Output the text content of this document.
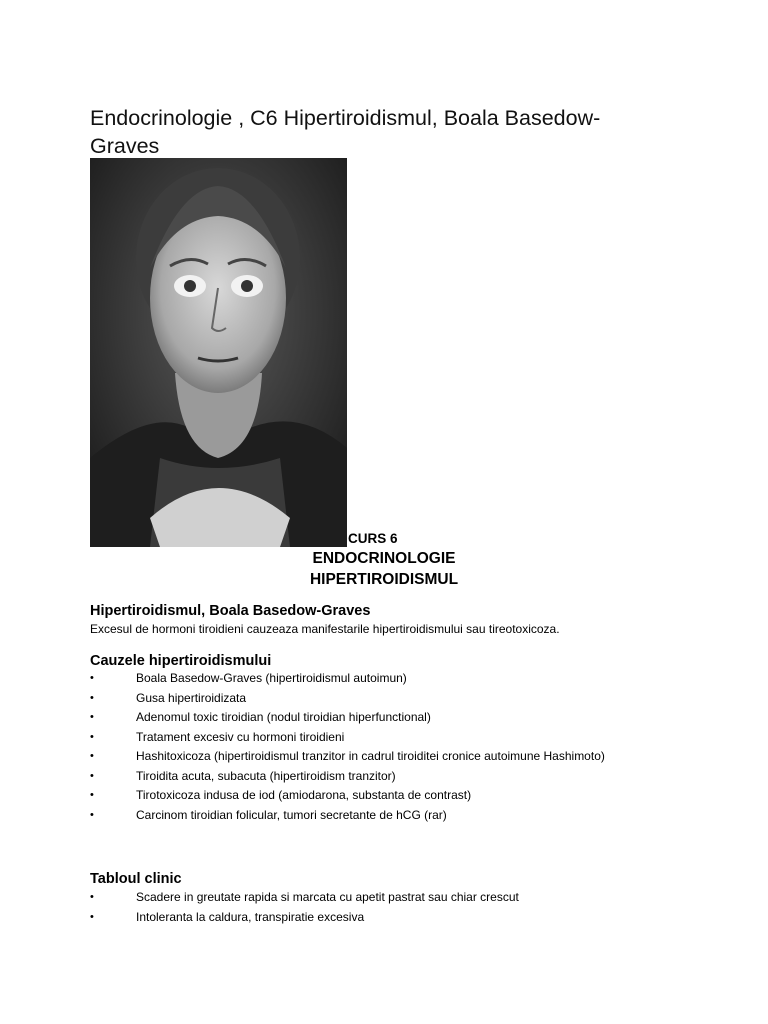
Endocrinologie , C6 Hipertiroidismul, Boala Basedow-
Graves
CURS 6
ENDOCRINOLOGIE
HIPERTIROIDISMUL
Hipertiroidismul, Boala Basedow-Graves

Excesul de hormoni tiroidieni cauzeaza manifestarile hipertiroidismului sau tireotoxicoza.

Cauzele hipertiroidismului
•	Boala Basedow-Graves (hipertiroidismul autoimun)
•	Gusa hipertiroidizata
•	Adenomul toxic tiroidian (nodul tiroidian hiperfunctional)
•	Tratament excesiv cu hormoni tiroidieni
•	Hashitoxicoza (hipertiroidismul tranzitor in cadrul tiroiditei cronice autoimune Hashimoto)
•	Tiroidita acuta, subacuta (hipertiroidism tranzitor)
•	Tirotoxicoza indusa de iod (amiodarona, substanta de contrast)
•	Carcinom tiroidian folicular, tumori secretante de hCG (rar)
Tabloul clinic
•	Scadere in greutate rapida si marcata cu apetit pastrat sau chiar crescut
•	Intoleranta la caldura, transpiratie excesiva
